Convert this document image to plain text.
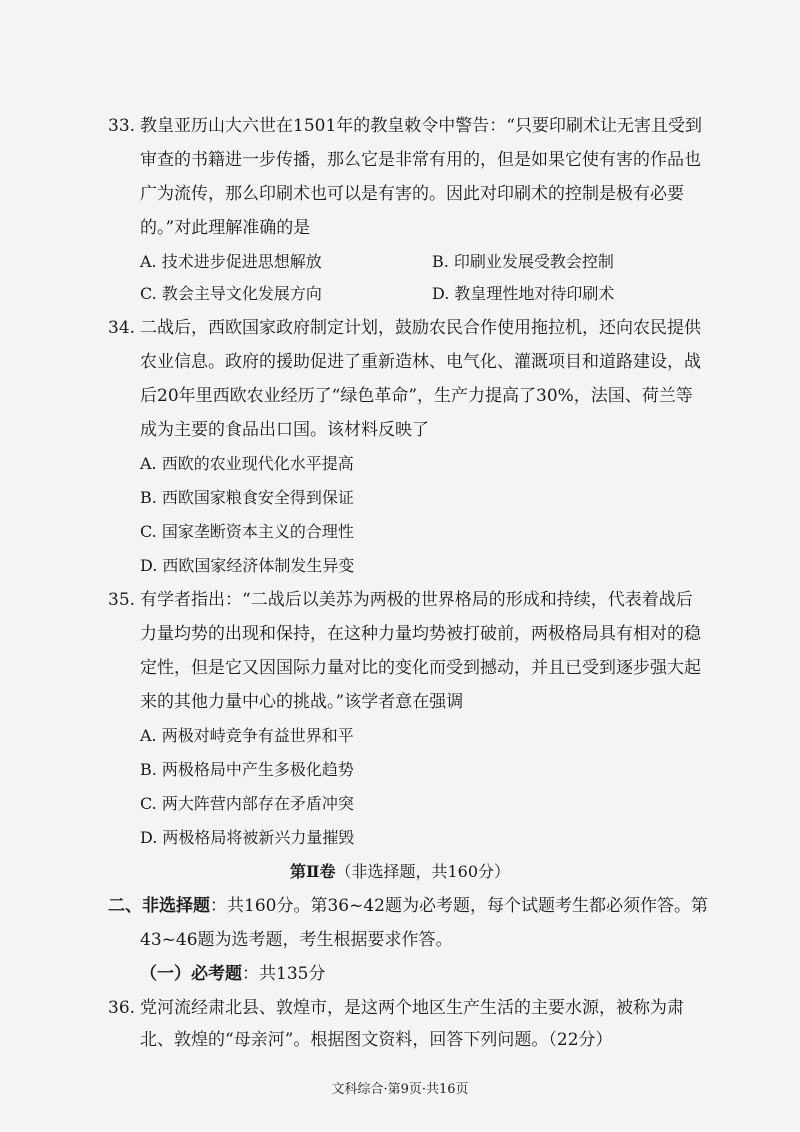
33. 教皇亚历山大六世在1501年的教皇敕令中警告：“只要印刷术让无害且受到
审查的书籍进一步传播，那么它是非常有用的，但是如果它使有害的作品也
广为流传，那么印刷术也可以是有害的。因此对印刷术的控制是极有必要
的。”对此理解准确的是
A. 技术进步促进思想解放	B. 印刷业发展受教会控制
C. 教会主导文化发展方向	D. 教皇理性地对待印刷术
34. 二战后，西欧国家政府制定计划，鼓励农民合作使用拖拉机，还向农民提供
农业信息。政府的援助促进了重新造林、电气化、灌溉项目和道路建设，战
后20年里西欧农业经历了“绿色革命”，生产力提高了30%，法国、荷兰等
成为主要的食品出口国。该材料反映了
A. 西欧的农业现代化水平提高
B. 西欧国家粮食安全得到保证
C. 国家垄断资本主义的合理性
D. 西欧国家经济体制发生异变
35. 有学者指出：“二战后以美苏为两极的世界格局的形成和持续，代表着战后
力量均势的出现和保持，在这种力量均势被打破前，两极格局具有相对的稳
定性，但是它又因国际力量对比的变化而受到撼动，并且已受到逐步强大起
来的其他力量中心的挑战。”该学者意在强调
A. 两极对峙竞争有益世界和平
B. 两极格局中产生多极化趋势
C. 两大阵营内部存在矛盾冲突
D. 两极格局将被新兴力量摧毁
第Ⅱ卷（非选择题，共160分）
二、非选择题：共160分。第36~42题为必考题，每个试题考生都必须作答。第
43~46题为选考题，考生根据要求作答。
（一）必考题：共135分
36. 党河流经肃北县、敦煌市，是这两个地区生产生活的主要水源，被称为肃
北、敦煌的“母亲河”。根据图文资料，回答下列问题。（22分）
文科综合·第9页·共16页
